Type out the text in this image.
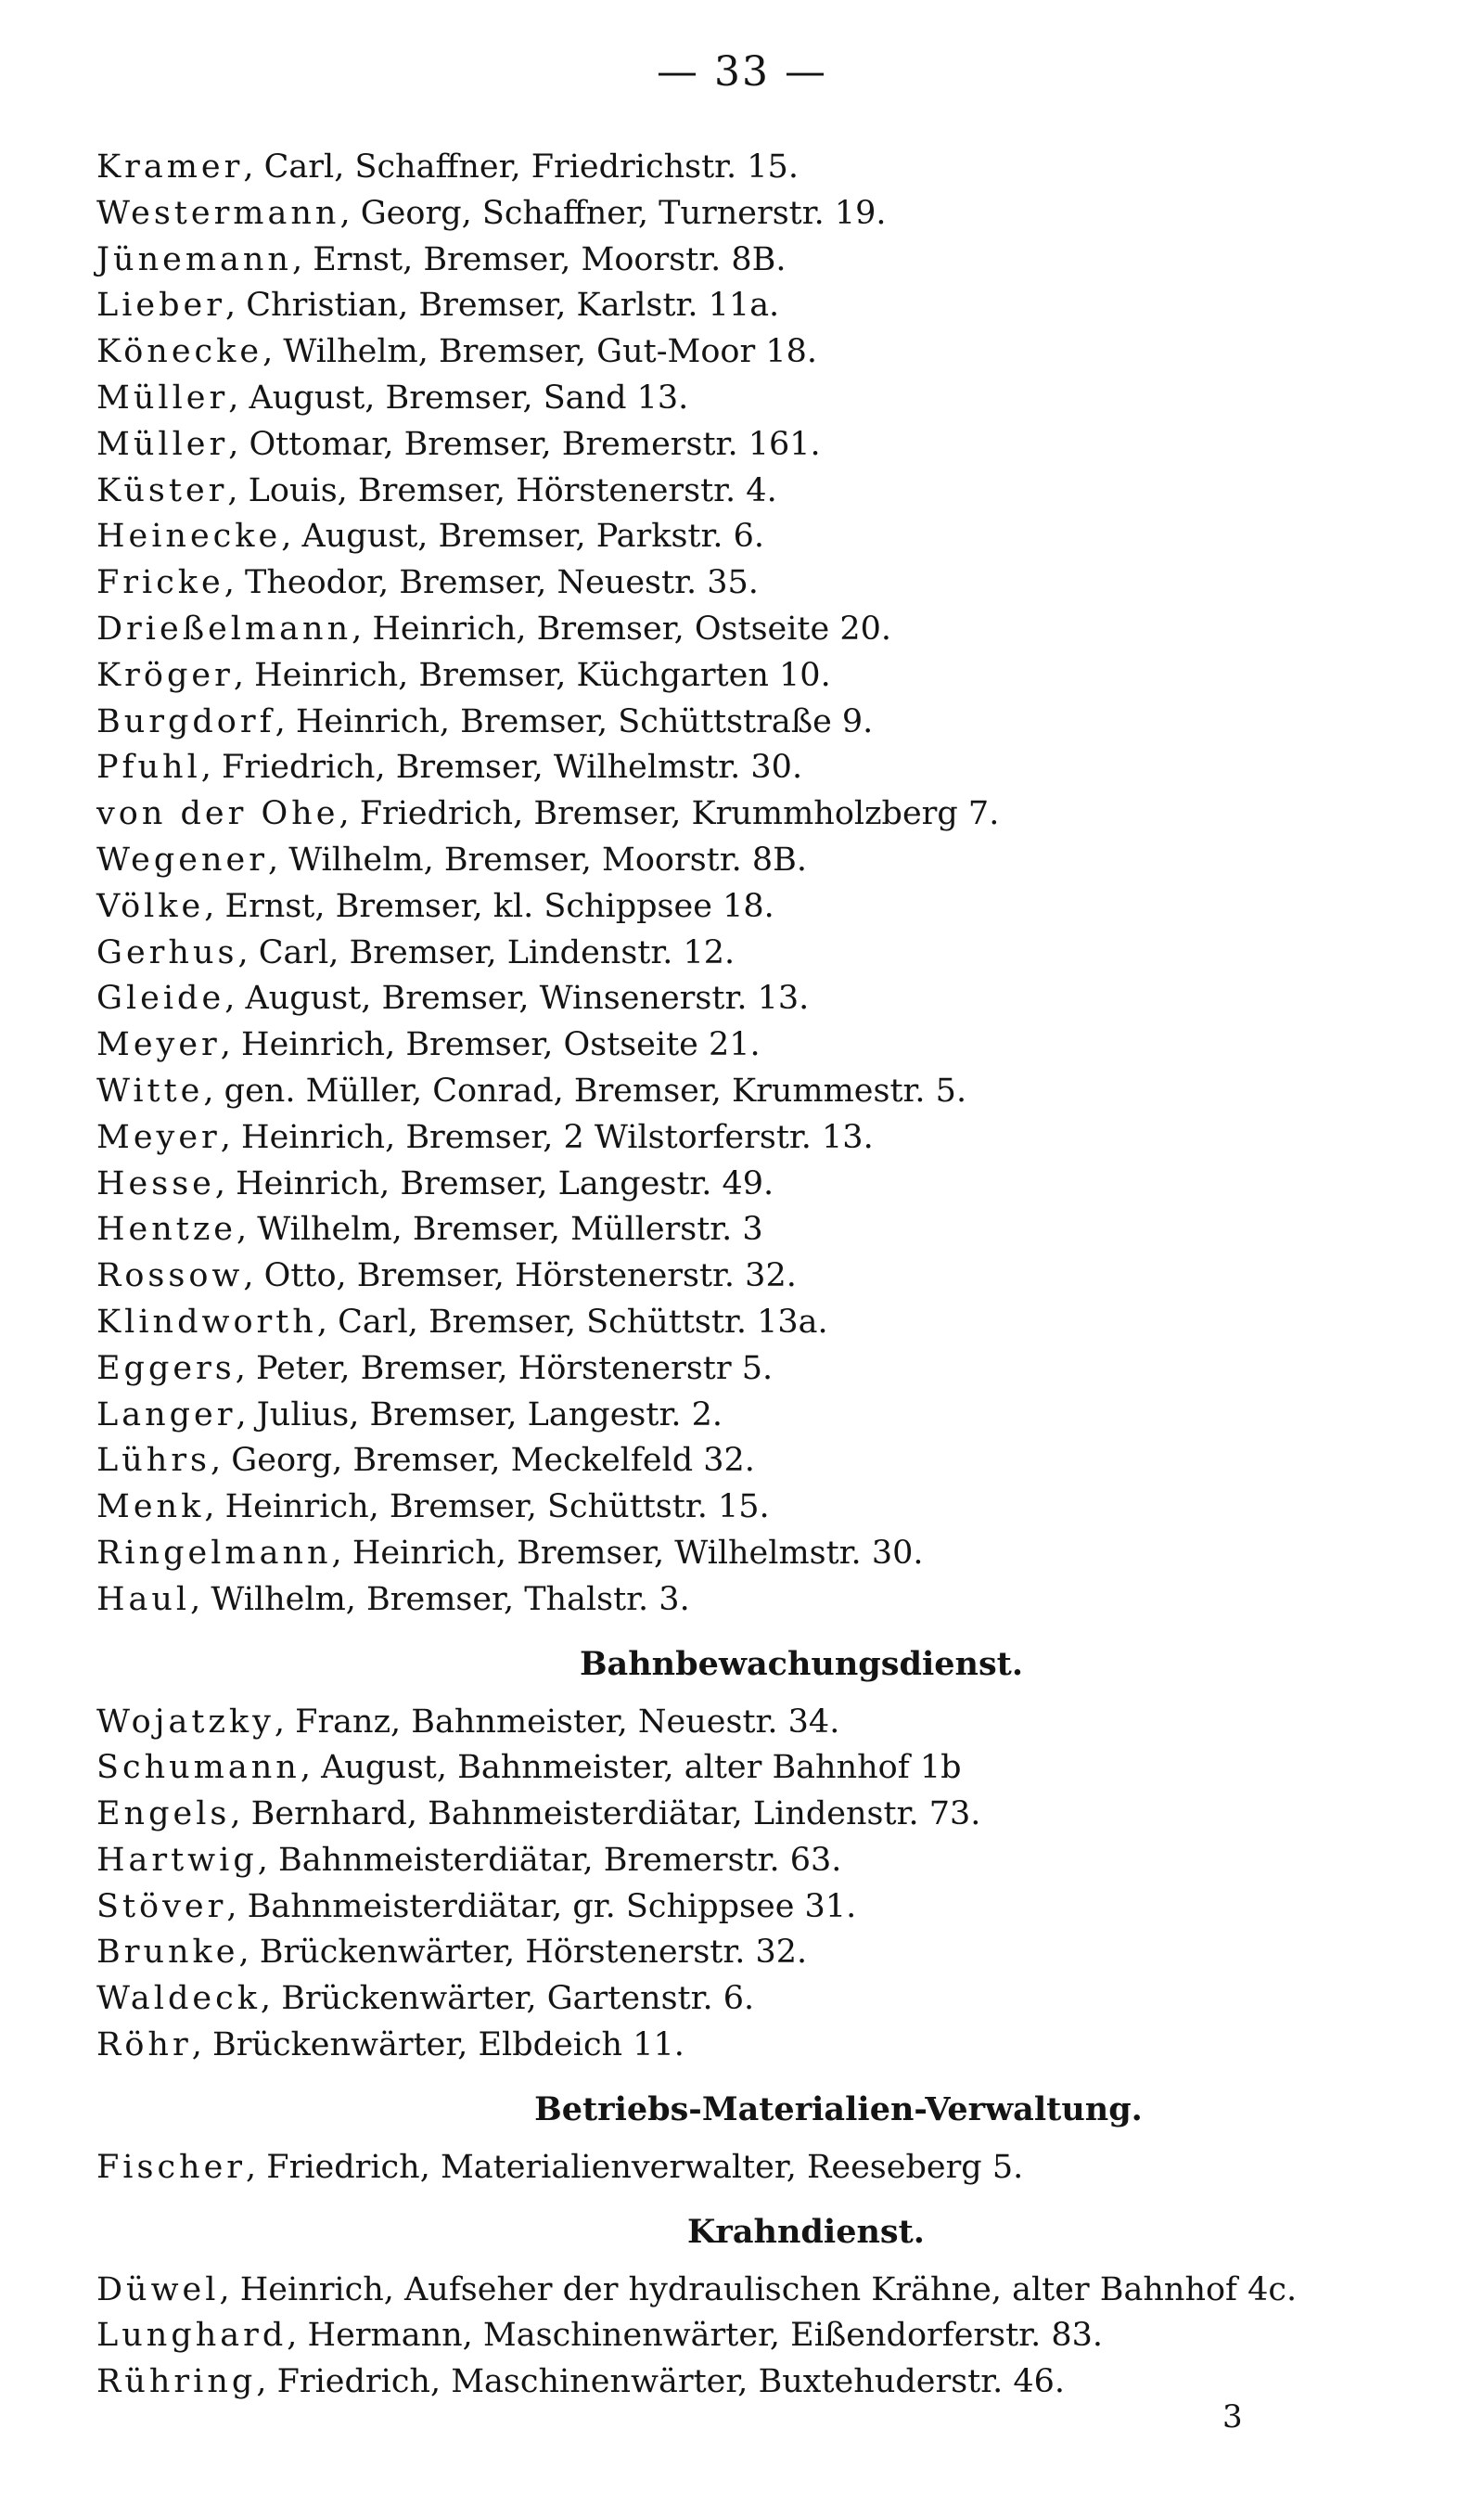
— 33 —
Kramer, Carl, Schaffner, Friedrichstr. 15.
Westermann, Georg, Schaffner, Turnerstr. 19.
Jünemann, Ernst, Bremser, Moorstr. 8B.
Lieber, Christian, Bremser, Karlstr. 11a.
Könecke, Wilhelm, Bremser, Gut-Moor 18.
Müller, August, Bremser, Sand 13.
Müller, Ottomar, Bremser, Bremerstr. 161.
Küster, Louis, Bremser, Hörstenerstr. 4.
Heinecke, August, Bremser, Parkstr. 6.
Fricke, Theodor, Bremser, Neuestr. 35.
Drießelmann, Heinrich, Bremser, Ostseite 20.
Kröger, Heinrich, Bremser, Küchgarten 10.
Burgdorf, Heinrich, Bremser, Schüttstraße 9.
Pfuhl, Friedrich, Bremser, Wilhelmstr. 30.
von der Ohe, Friedrich, Bremser, Krummholzberg 7.
Wegener, Wilhelm, Bremser, Moorstr. 8B.
Völke, Ernst, Bremser, kl. Schippsee 18.
Gerhus, Carl, Bremser, Lindenstr. 12.
Gleide, August, Bremser, Winsenerstr. 13.
Meyer, Heinrich, Bremser, Ostseite 21.
Witte, gen. Müller, Conrad, Bremser, Krummestr. 5.
Meyer, Heinrich, Bremser, 2 Wilstorferstr. 13.
Hesse, Heinrich, Bremser, Langestr. 49.
Hentze, Wilhelm, Bremser, Müllerstr. 3
Rossow, Otto, Bremser, Hörstenerstr. 32.
Klindworth, Carl, Bremser, Schüttstr. 13a.
Eggers, Peter, Bremser, Hörstenerstr 5.
Langer, Julius, Bremser, Langestr. 2.
Lührs, Georg, Bremser, Meckelfeld 32.
Menk, Heinrich, Bremser, Schüttstr. 15.
Ringelmann, Heinrich, Bremser, Wilhelmstr. 30.
Haul, Wilhelm, Bremser, Thalstr. 3.
Bahnbewachungsdienst.
Wojatzky, Franz, Bahnmeister, Neuestr. 34.
Schumann, August, Bahnmeister, alter Bahnhof 1b
Engels, Bernhard, Bahnmeisterdiätar, Lindenstr. 73.
Hartwig, Bahnmeisterdiätar, Bremerstr. 63.
Stöver, Bahnmeisterdiätar, gr. Schippsee 31.
Brunke, Brückenwärter, Hörstenerstr. 32.
Waldeck, Brückenwärter, Gartenstr. 6.
Röhr, Brückenwärter, Elbdeich 11.
Betriebs-Materialien-Verwaltung.
Fischer, Friedrich, Materialienverwalter, Reeseberg 5.
Krahndienst.
Düwel, Heinrich, Aufseher der hydraulischen Krähne, alter Bahnhof 4c.
Lunghard, Hermann, Maschinenwärter, Eißendorferstr. 83.
Rühring, Friedrich, Maschinenwärter, Buxtehuderstr. 46.
3
